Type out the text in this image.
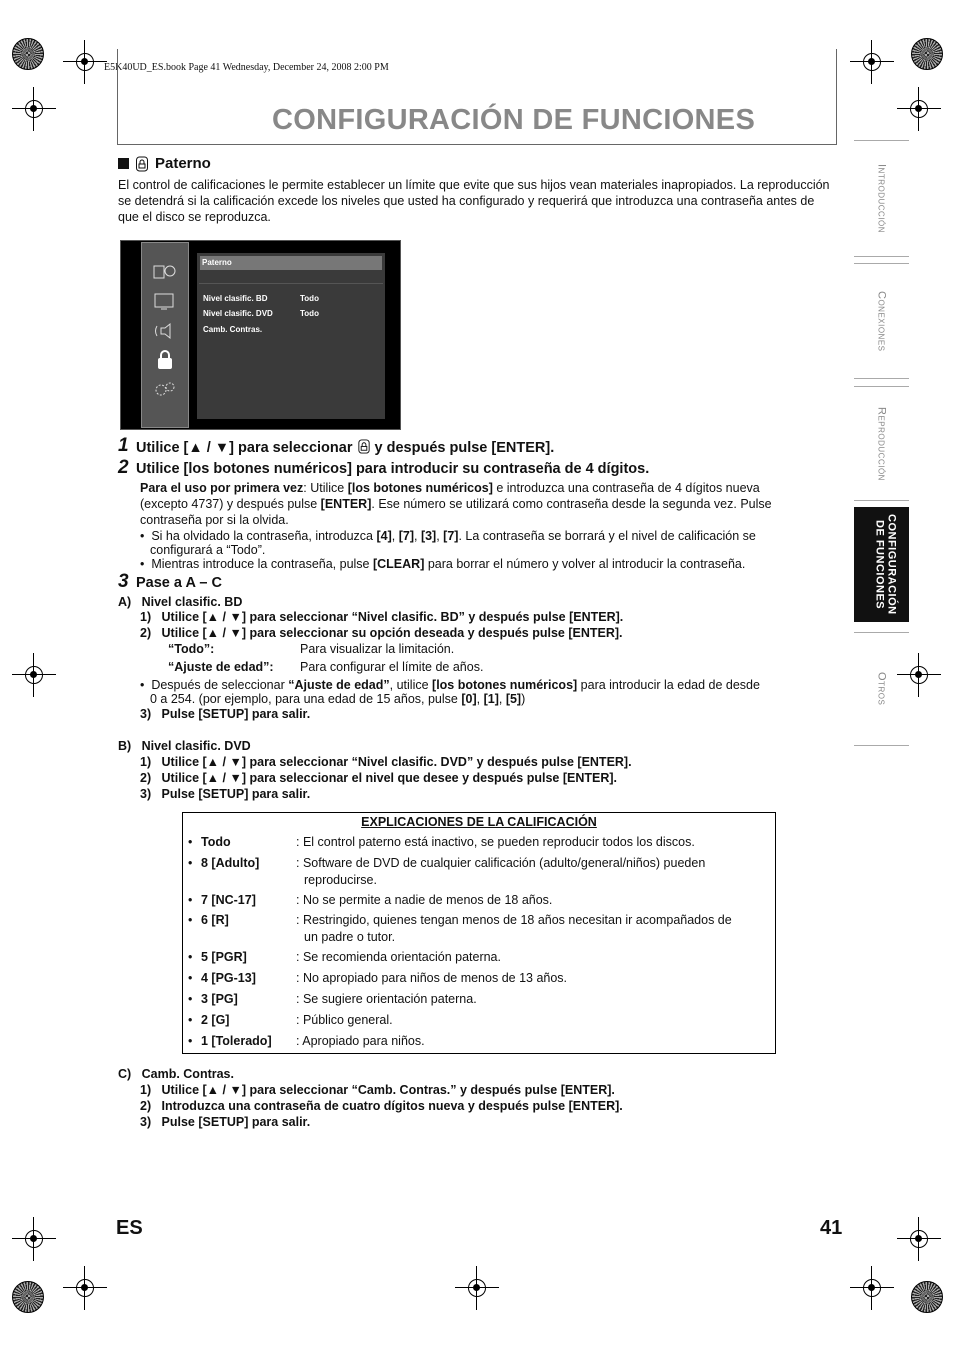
E5K40UD_ES.book Page 41 Wednesday, December 24, 2008 2:00 PM
CONFIGURACIÓN DE FUNCIONES
Introducción
Conexiones
Reproducción
CONFIGURACIÓN DE FUNCIONES
Otros
Paterno
El control de calificaciones le permite establecer un límite que evite que sus hijos vean materiales inapropiados. La reproducción se detendrá si la calificación excede los niveles que usted ha configurado y requerirá que introduzca una contraseña antes de que el disco se reproduzca.
Paterno
Nivel clasific. BD	Todo
Nivel clasific. DVD	Todo
Camb. Contras.
1 Utilice [▲ / ▼] para seleccionar y después pulse [ENTER].
2 Utilice [los botones numéricos] para introducir su contraseña de 4 dígitos.
Para el uso por primera vez: Utilice [los botones numéricos] e introduzca una contraseña de 4 dígitos nueva
(excepto 4737) y después pulse [ENTER]. Ese número se utilizará como contraseña desde la segunda vez. Pulse
contraseña por si la olvida.
•  Si ha olvidado la contraseña, introduzca [4], [7], [3], [7]. La contraseña se borrará y el nivel de calificación se
configurará a “Todo”.
•  Mientras introduce la contraseña, pulse [CLEAR] para borrar el número y volver al introducir la contraseña.
3 Pase a A – C
A)   Nivel clasific. BD
1)   Utilice [▲ / ▼] para seleccionar “Nivel clasific. BD” y después pulse [ENTER].
2)   Utilice [▲ / ▼] para seleccionar su opción deseada y después pulse [ENTER].
“Todo”:	Para visualizar la limitación.
“Ajuste de edad”: Para configurar el límite de años.
•  Después de seleccionar “Ajuste de edad”, utilice [los botones numéricos] para introducir la edad de desde
0 a 254. (por ejemplo, para una edad de 15 años, pulse [0], [1], [5])
3)   Pulse [SETUP] para salir.
B)   Nivel clasific. DVD
1)   Utilice [▲ / ▼] para seleccionar “Nivel clasific. DVD” y después pulse [ENTER].
2)   Utilice [▲ / ▼] para seleccionar el nivel que desee y después pulse [ENTER].
3)   Pulse [SETUP] para salir.
EXPLICACIONES DE LA CALIFICACIÓN
• Todo	: El control paterno está inactivo, se pueden reproducir todos los discos.
• 8 [Adulto]	: Software de DVD de cualquier calificación (adulto/general/niños) pueden
reproducirse.
• 7 [NC-17]	: No se permite a nadie de menos de 18 años.
• 6 [R]	: Restringido, quienes tengan menos de 18 años necesitan ir acompañados de
un padre o tutor.
• 5 [PGR]	: Se recomienda orientación paterna.
• 4 [PG-13]	: No apropiado para niños de menos de 13 años.
• 3 [PG]	: Se sugiere orientación paterna.
• 2 [G]	: Público general.
• 1 [Tolerado] : Apropiado para niños.
C)   Camb. Contras.
1)   Utilice [▲ / ▼] para seleccionar “Camb. Contras.” y después pulse [ENTER].
2)   Introduzca una contraseña de cuatro dígitos nueva y después pulse [ENTER].
3)   Pulse [SETUP] para salir.
ES	41
